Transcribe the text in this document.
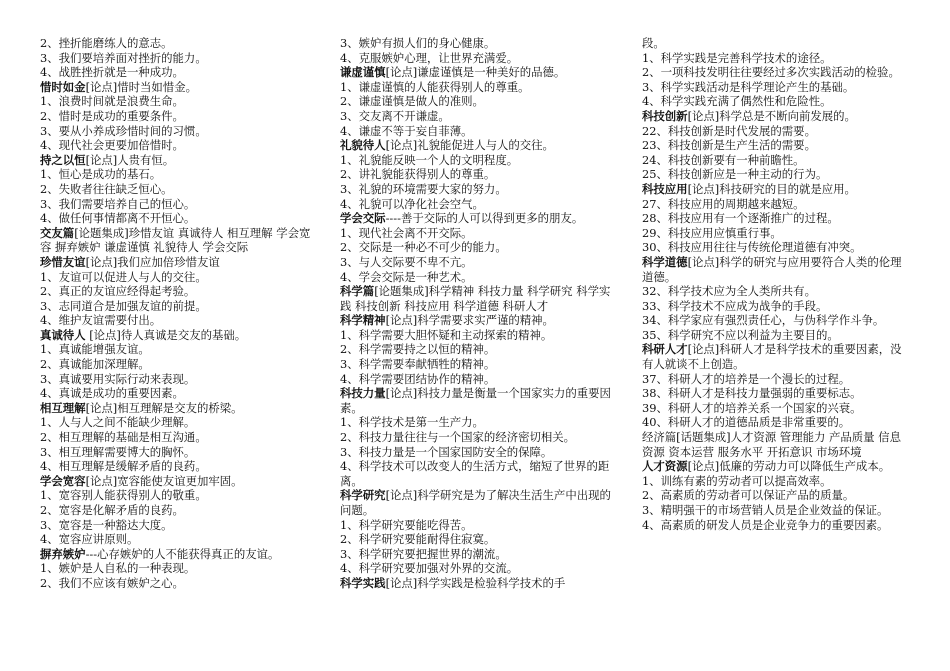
2、挫折能磨练人的意志。
3、我们要培养面对挫折的能力。
4、战胜挫折就是一种成功。
惜时如金[论点]惜时当如惜金。
1、浪费时间就是浪费生命。
2、惜时是成功的重要条件。
3、要从小养成珍惜时间的习惯。
4、现代社会更要加倍惜时。
持之以恒[论点]人贵有恒。
1、恒心是成功的基石。
2、失败者往往缺乏恒心。
3、我们需要培养自己的恒心。
4、做任何事情都离不开恒心。
交友篇[论题集成]珍惜友谊 真诚待人 相互理解 学会宽容 摒弃嫉妒 谦虚谨慎 礼貌待人 学会交际
珍惜友谊[论点]我们应加倍珍惜友谊
1、友谊可以促进人与人的交往。
2、真正的友谊应经得起考验。
3、志同道合是加强友谊的前提。
4、维护友谊需要付出。
真诚待人 [论点]待人真诚是交友的基础。
1、真诚能增强友谊。
2、真诚能加深理解。
3、真诚要用实际行动来表现。
4、真诚是成功的重要因素。
相互理解[论点]相互理解是交友的桥梁。
1、人与人之间不能缺少理解。
2、相互理解的基础是相互沟通。
3、相互理解需要博大的胸怀。
4、相互理解是缓解矛盾的良药。
学会宽容[论点]宽容能使友谊更加牢固。
1、宽容别人能获得别人的敬重。
2、宽容是化解矛盾的良药。
3、宽容是一种豁达大度。
4、宽容应讲原则。
摒弃嫉妒---心存嫉妒的人不能获得真正的友谊。
1、嫉妒是人自私的一种表现。
2、我们不应该有嫉妒之心。
3、嫉妒有损人们的身心健康。
4、克服嫉妒心理，让世界充满爱。
谦虚谨慎[论点]谦虚谨慎是一种美好的品德。
1、谦虚谨慎的人能获得别人的尊重。
2、谦虚谨慎是做人的准则。
3、交友离不开谦虚。
4、谦虚不等于妄自菲薄。
礼貌待人[论点]礼貌能促进人与人的交往。
1、礼貌能反映一个人的文明程度。
2、讲礼貌能获得别人的尊重。
3、礼貌的环境需要大家的努力。
4、礼貌可以净化社会空气。
学会交际----善于交际的人可以得到更多的朋友。
1、现代社会离不开交际。
2、交际是一种必不可少的能力。
3、与人交际要不卑不亢。
4、学会交际是一种艺术。
科学篇[论题集成]科学精神 科技力量 科学研究 科学实践 科技创新 科技应用 科学道德 科研人才
科学精神[论点]科学需要求实严谨的精神。
1、科学需要大胆怀疑和主动探索的精神。
2、科学需要持之以恒的精神。
3、科学需要奉献牺牲的精神。
4、科学需要团结协作的精神。
科技力量[论点]科技力量是衡量一个国家实力的重要因素。
1、科学技术是第一生产力。
2、科技力量往往与一个国家的经济密切相关。
3、科技力量是一个国家国防安全的保障。
4、科学技术可以改变人的生活方式，缩短了世界的距离。
科学研究[论点]科学研究是为了解决生活生产中出现的问题。
1、科学研究要能吃得苦。
2、科学研究要能耐得住寂寞。
3、科学研究要把握世界的潮流。
4、科学研究要加强对外界的交流。
科学实践[论点]科学实践是检验科学技术的手
段。
1、科学实践是完善科学技术的途径。
2、一项科技发明往往要经过多次实践活动的检验。
3、科学实践活动是科学理论产生的基础。
4、科学实践充满了偶然性和危险性。
科技创新[论点]科学总是不断向前发展的。
22、科技创新是时代发展的需要。
23、科技创新是生产生活的需要。
24、科技创新要有一种前瞻性。
25、科技创新应是一种主动的行为。
科技应用[论点]科技研究的目的就是应用。
27、科技应用的周期越来越短。
28、科技应用有一个逐渐推广的过程。
29、科技应用应慎重行事。
30、科技应用往往与传统伦理道德有冲突。
科学道德[论点]科学的研究与应用要符合人类的伦理道德。
32、科学技术应为全人类所共有。
33、科学技术不应成为战争的手段。
34、科学家应有强烈责任心，与伪科学作斗争。
35、科学研究不应以利益为主要目的。
科研人才[论点]科研人才是科学技术的重要因素，没有人就谈不上创造。
37、科研人才的培养是一个漫长的过程。
38、科研人才是科技力量强弱的重要标志。
39、科研人才的培养关系一个国家的兴衰。
40、科研人才的道德品质是非常重要的。
经济篇[话题集成]人才资源 管理能力 产品质量 信息资源 资本运营 服务水平 开拓意识 市场环境
人才资源[论点]低廉的劳动力可以降低生产成本。
1、训练有素的劳动者可以提高效率。
2、高素质的劳动者可以保证产品的质量。
3、精明强干的市场营销人员是企业效益的保证。
4、高素质的研发人员是企业竞争力的重要因素。
